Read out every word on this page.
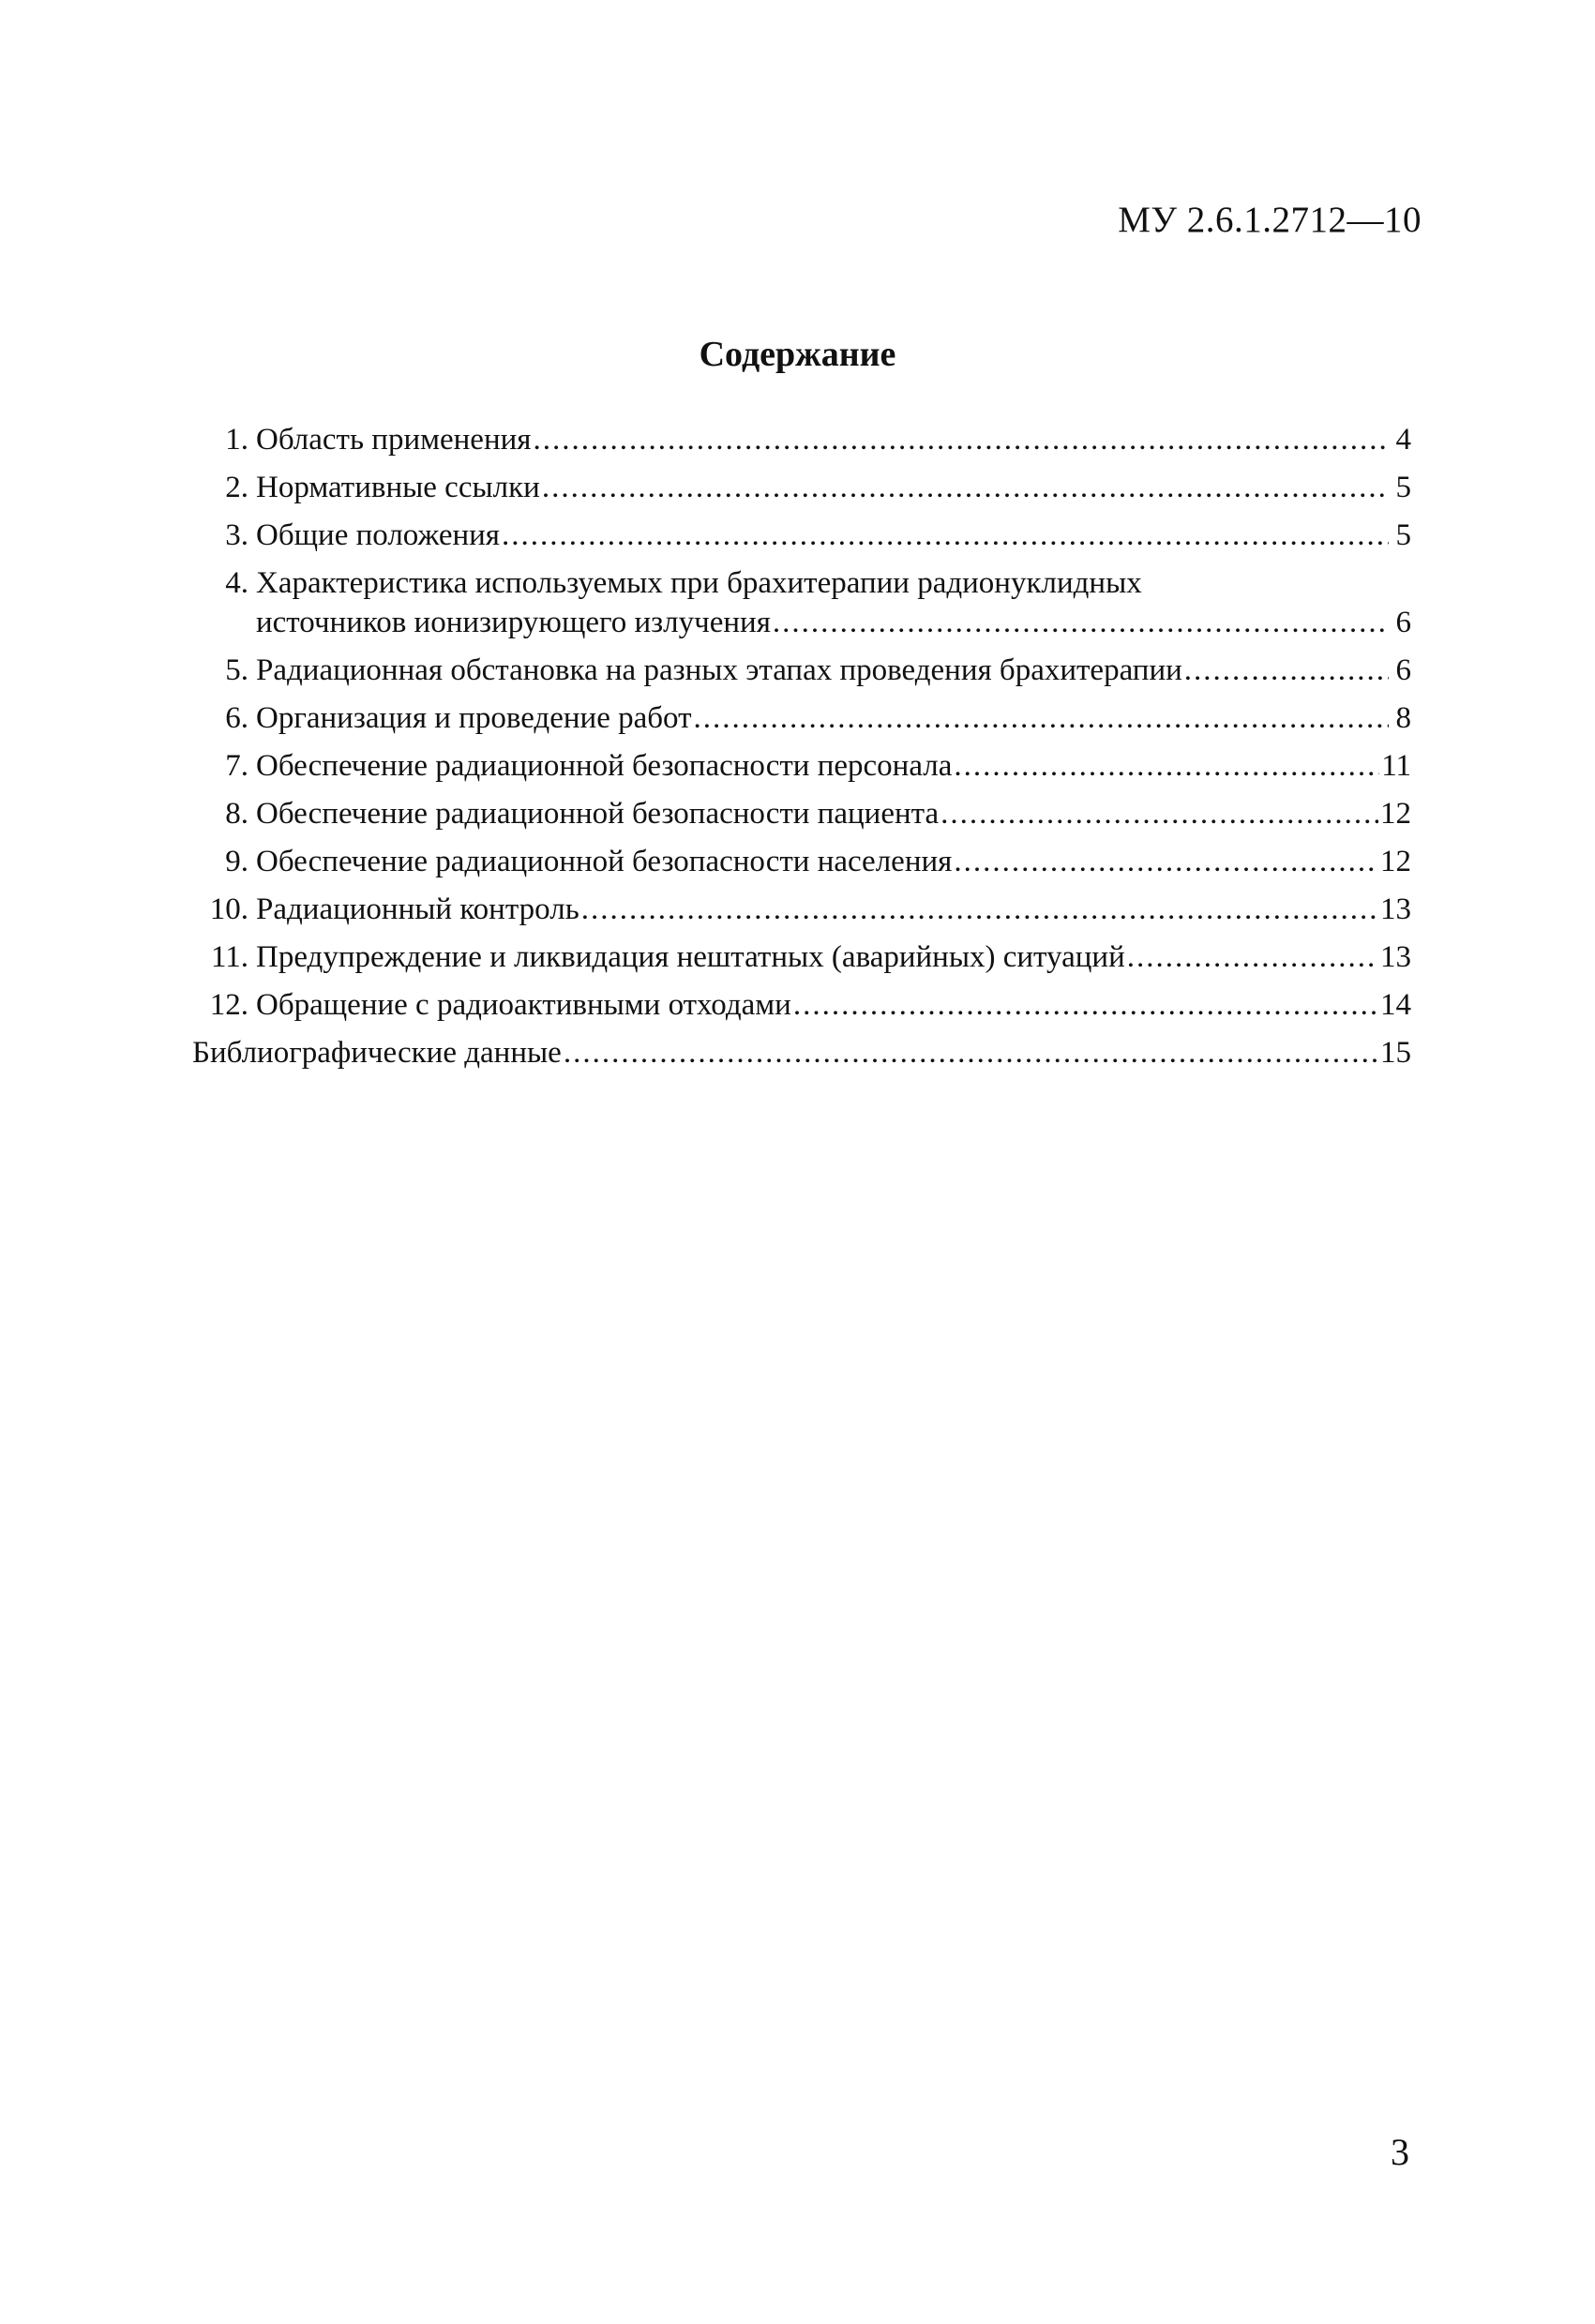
МУ 2.6.1.2712—10
Содержание
1. Область применения .....	4
2. Нормативные ссылки .....	5
3. Общие положения .....	5
4. Характеристика используемых при брахитерапии радионуклидных
источников ионизирующего излучения .....	6
5. Радиационная обстановка на разных этапах проведения брахитерапии .....	6
6. Организация и проведение работ .....	8
7. Обеспечение радиационной безопасности персонала .....	11
8. Обеспечение радиационной безопасности пациента .....	12
9. Обеспечение радиационной безопасности населения .....	12
10. Радиационный контроль .....	13
11. Предупреждение и ликвидация нештатных (аварийных) ситуаций .....	13
12. Обращение с радиоактивными отходами .....	14
Библиографические данные .....	15
3
